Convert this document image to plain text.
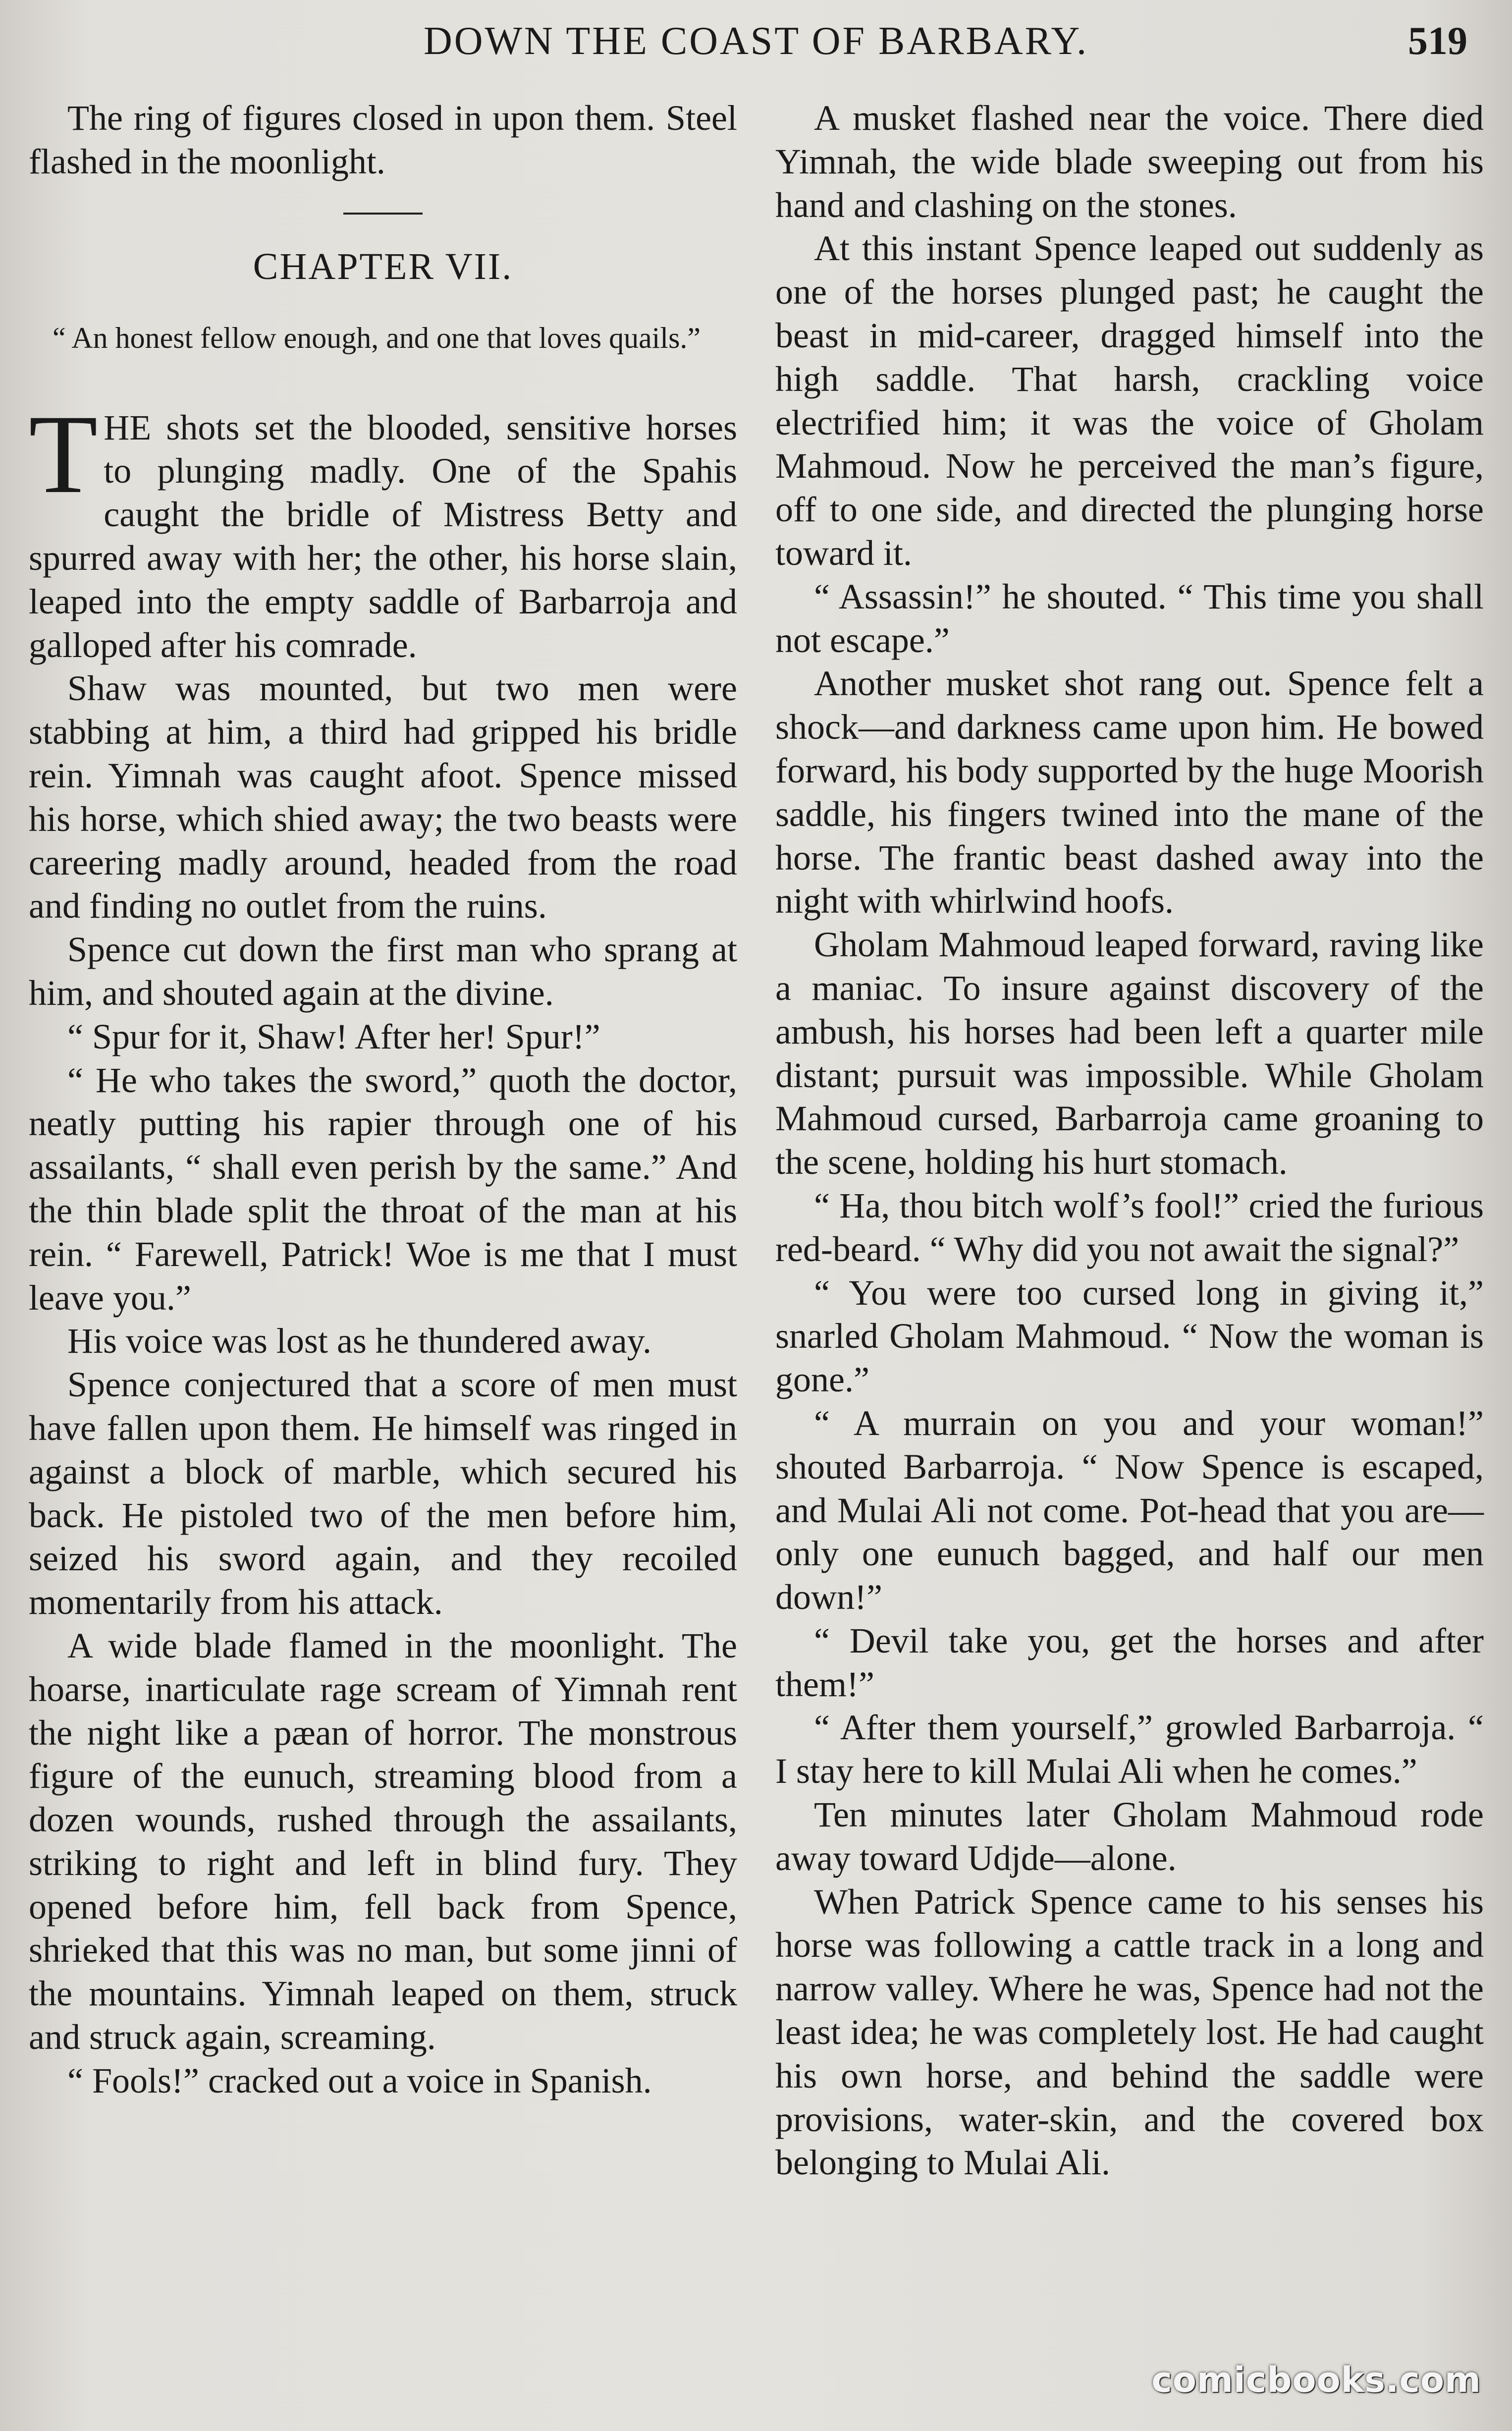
DOWN THE COAST OF BARBARY.	519

The ring of figures closed in upon them. Steel flashed in the moonlight.

CHAPTER VII.

“ An honest fellow enough, and one that loves quails.”

THE shots set the blooded, sensitive horses to plunging madly. One of the Spahis caught the bridle of Mistress Betty and spurred away with her; the other, his horse slain, leaped into the empty saddle of Barbarroja and galloped after his comrade.

Shaw was mounted, but two men were stabbing at him, a third had gripped his bridle rein. Yimnah was caught afoot. Spence missed his horse, which shied away; the two beasts were careering madly around, headed from the road and finding no outlet from the ruins.

Spence cut down the first man who sprang at him, and shouted again at the divine.

“ Spur for it, Shaw! After her! Spur!”

“ He who takes the sword,” quoth the doctor, neatly putting his rapier through one of his assailants, “ shall even perish by the same.” And the thin blade split the throat of the man at his rein. “ Farewell, Patrick! Woe is me that I must leave you.”

His voice was lost as he thundered away.

Spence conjectured that a score of men must have fallen upon them. He himself was ringed in against a block of marble, which secured his back. He pistoled two of the men before him, seized his sword again, and they recoiled momentarily from his attack.

A wide blade flamed in the moonlight. The hoarse, inarticulate rage scream of Yimnah rent the night like a pæan of horror. The monstrous figure of the eunuch, streaming blood from a dozen wounds, rushed through the assailants, striking to right and left in blind fury. They opened before him, fell back from Spence, shrieked that this was no man, but some jinni of the mountains. Yimnah leaped on them, struck and struck again, screaming.

“ Fools!” cracked out a voice in Spanish.

A musket flashed near the voice. There died Yimnah, the wide blade sweeping out from his hand and clashing on the stones.

At this instant Spence leaped out suddenly as one of the horses plunged past; he caught the beast in mid-career, dragged himself into the high saddle. That harsh, crackling voice electrified him; it was the voice of Gholam Mahmoud. Now he perceived the man’s figure, off to one side, and directed the plunging horse toward it.

“ Assassin!” he shouted. “ This time you shall not escape.”

Another musket shot rang out. Spence felt a shock—and darkness came upon him. He bowed forward, his body supported by the huge Moorish saddle, his fingers twined into the mane of the horse. The frantic beast dashed away into the night with whirlwind hoofs.

Gholam Mahmoud leaped forward, raving like a maniac. To insure against discovery of the ambush, his horses had been left a quarter mile distant; pursuit was impossible. While Gholam Mahmoud cursed, Barbarroja came groaning to the scene, holding his hurt stomach.

“ Ha, thou bitch wolf’s fool!” cried the furious red-beard. “ Why did you not await the signal?”

“ You were too cursed long in giving it,” snarled Gholam Mahmoud. “ Now the woman is gone.”

“ A murrain on you and your woman!” shouted Barbarroja. “ Now Spence is escaped, and Mulai Ali not come. Pot-head that you are—only one eunuch bagged, and half our men down!”

“ Devil take you, get the horses and after them!”

“ After them yourself,” growled Barbarroja. “ I stay here to kill Mulai Ali when he comes.”

Ten minutes later Gholam Mahmoud rode away toward Udjde—alone.

When Patrick Spence came to his senses his horse was following a cattle track in a long and narrow valley. Where he was, Spence had not the least idea; he was completely lost. He had caught his own horse, and behind the saddle were provisions, water-skin, and the covered box belonging to Mulai Ali.

comicbooks.com
